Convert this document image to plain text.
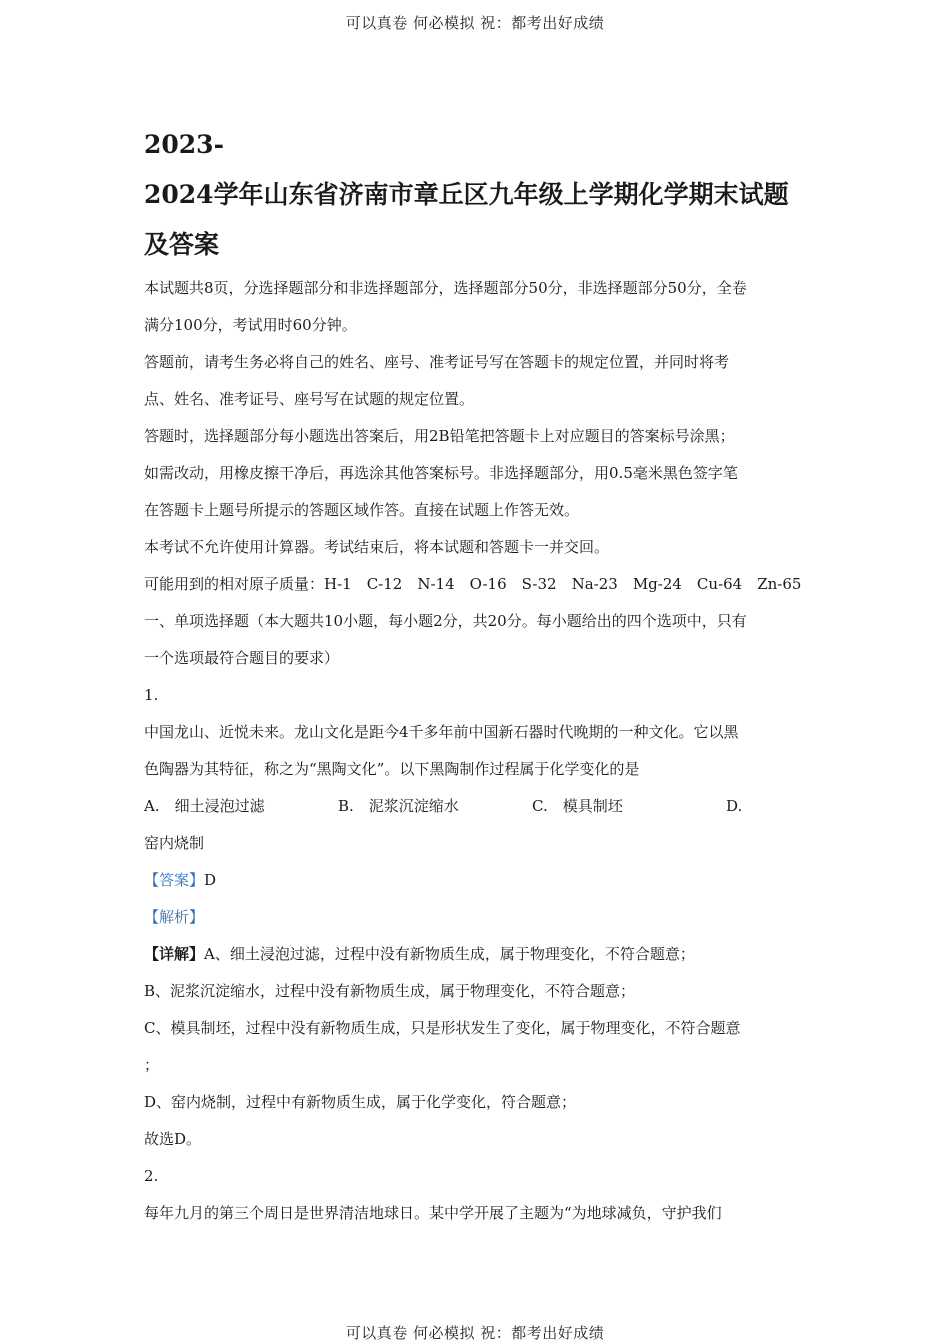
可以真卷 何必模拟 祝：都考出好成绩
2023-
2024学年山东省济南市章丘区九年级上学期化学期末试题
及答案
本试题共8页，分选择题部分和非选择题部分，选择题部分50分，非选择题部分50分，全卷
满分100分，考试用时60分钟。
答题前，请考生务必将自己的姓名、座号、准考证号写在答题卡的规定位置，并同时将考
点、姓名、准考证号、座号写在试题的规定位置。
答题时，选择题部分每小题选出答案后，用2B铅笔把答题卡上对应题目的答案标号涂黑；
如需改动，用橡皮擦干净后，再选涂其他答案标号。非选择题部分，用0.5毫米黑色签字笔
在答题卡上题号所提示的答题区域作答。直接在试题上作答无效。
本考试不允许使用计算器。考试结束后，将本试题和答题卡一并交回。
可能用到的相对原子质量：H-1　C-12　N-14　O-16　S-32　Na-23　Mg-24　Cu-64　Zn-65
一、单项选择题（本大题共10小题，每小题2分，共20分。每小题给出的四个选项中，只有
一个选项最符合题目的要求）
1.
中国龙山、近悦未来。龙山文化是距今4千多年前中国新石器时代晚期的一种文化。它以黑
色陶器为其特征，称之为“黑陶文化”。以下黑陶制作过程属于化学变化的是
A.　细土浸泡过滤	B.　泥浆沉淀缩水	C.　模具制坯	D.
窑内烧制
【答案】D
【解析】
【详解】A、细土浸泡过滤，过程中没有新物质生成，属于物理变化，不符合题意；
B、泥浆沉淀缩水，过程中没有新物质生成，属于物理变化，不符合题意；
C、模具制坯，过程中没有新物质生成，只是形状发生了变化，属于物理变化，不符合题意
；
D、窑内烧制，过程中有新物质生成，属于化学变化，符合题意；
故选D。
2.
每年九月的第三个周日是世界清洁地球日。某中学开展了主题为“为地球减负，守护我们
可以真卷 何必模拟 祝：都考出好成绩
